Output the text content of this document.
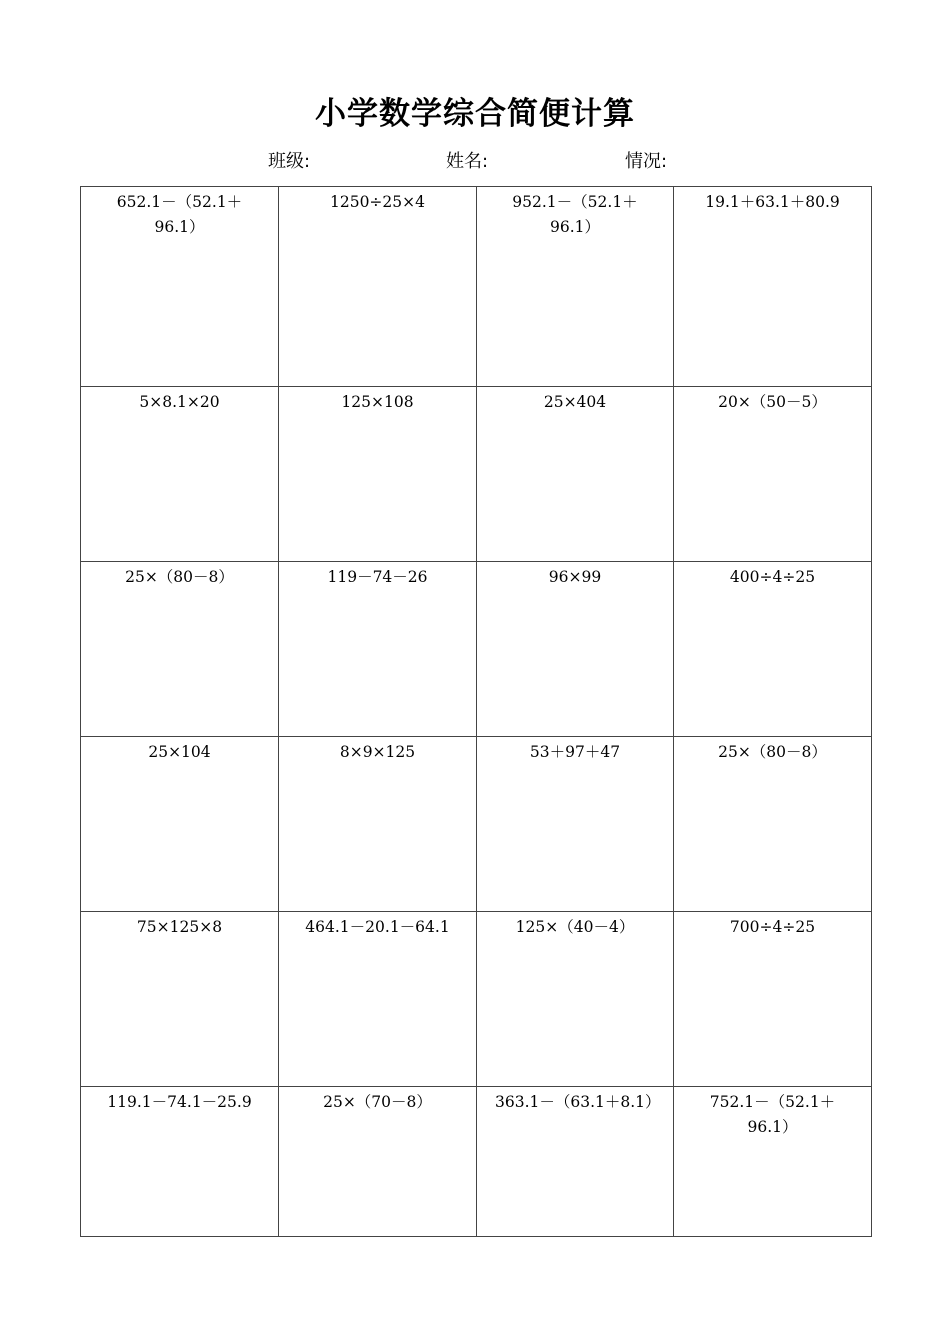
小学数学综合简便计算
班级:	姓名:	情况:
652.1－（52.1＋96.1）	1250÷25×4	952.1－（52.1＋96.1）	19.1＋63.1＋80.9

5×8.1×20	125×108	25×404	20×（50－5）

25×（80－8）	119－74－26	96×99	400÷4÷25

25×104	8×9×125	53＋97＋47	25×（80－8）

75×125×8	464.1－20.1－64.1	125×（40－4）	700÷4÷25

119.1－74.1－25.9	25×（70－8）	363.1－（63.1＋8.1）	752.1－（52.1＋96.1）
